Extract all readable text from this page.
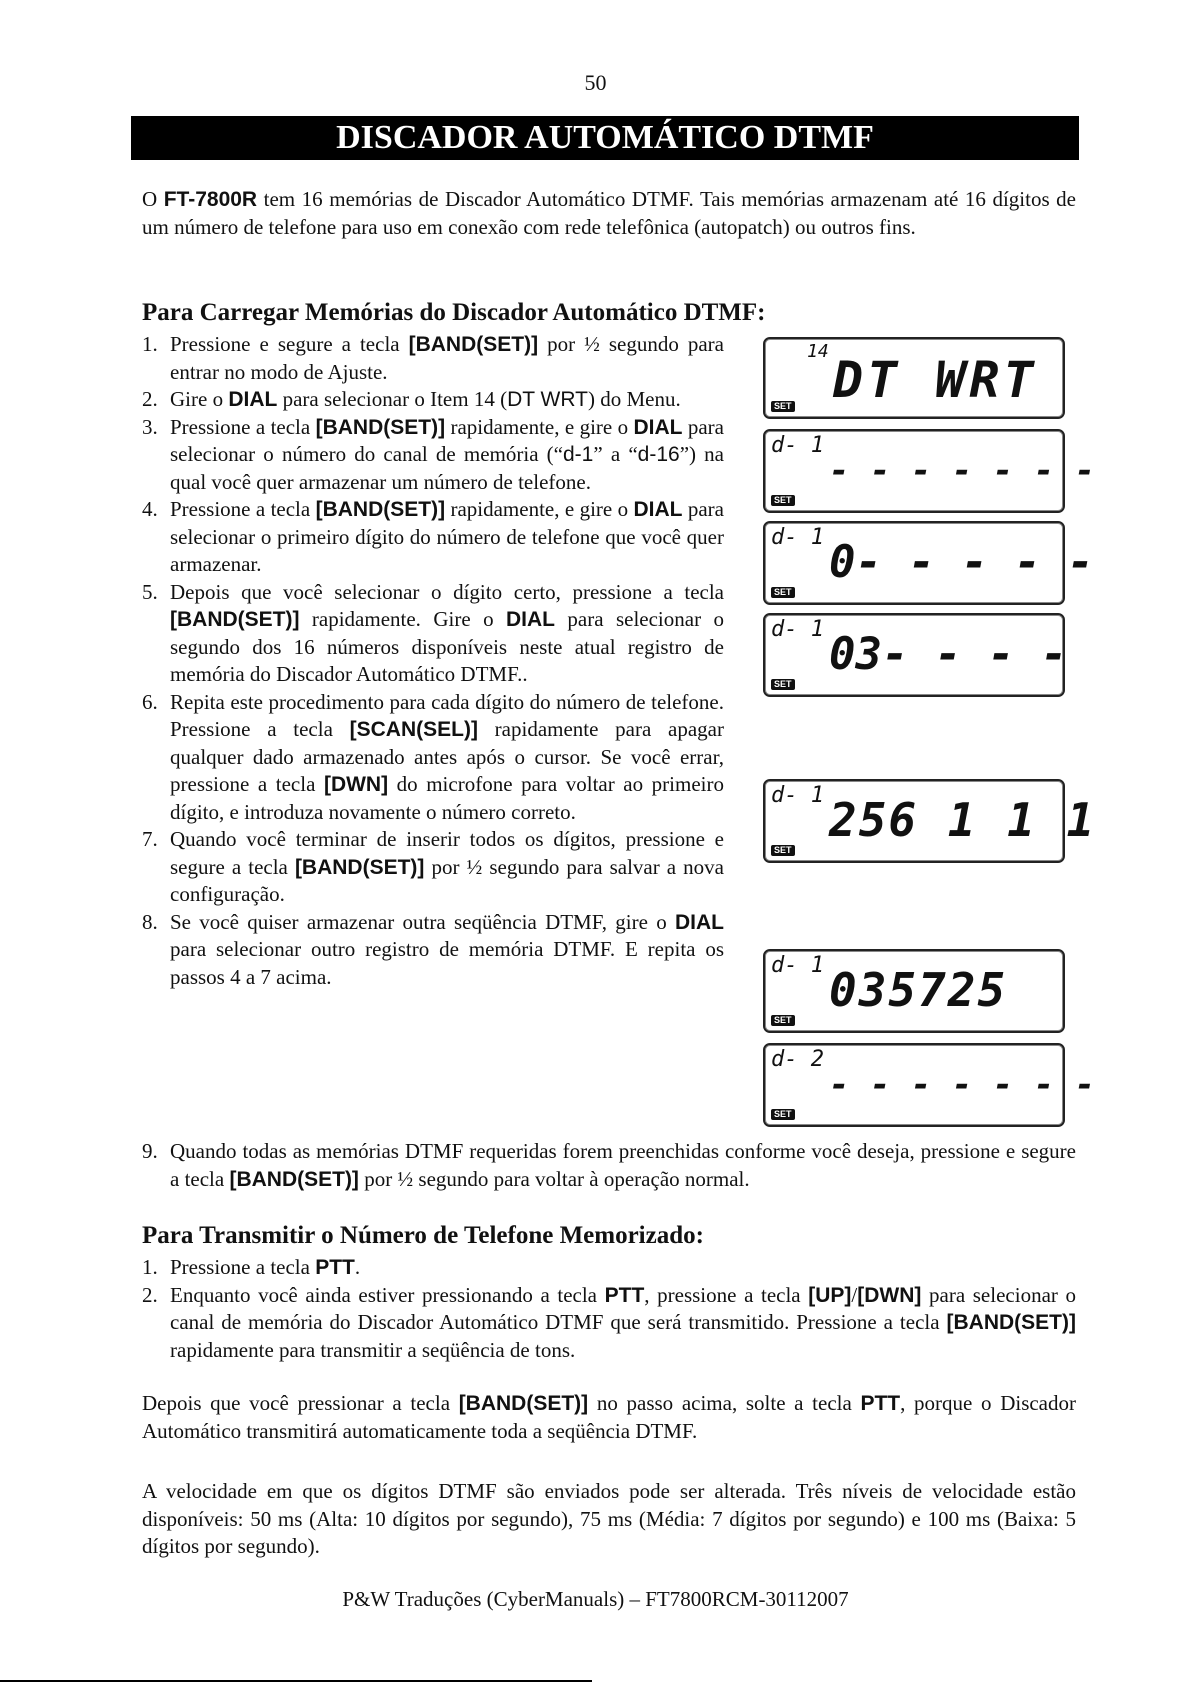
50
DISCADOR AUTOMÁTICO DTMF

O FT-7800R tem 16 memórias de Discador Automático DTMF. Tais memórias armazenam até 16 dígitos de um número de telefone para uso em conexão com rede telefônica (autopatch) ou outros fins.

Para Carregar Memórias do Discador Automático DTMF:
1. Pressione e segure a tecla [BAND(SET)] por ½ segundo para entrar no modo de Ajuste.
2. Gire o DIAL para selecionar o Item 14 (DT WRT) do Menu.
3. Pressione a tecla [BAND(SET)] rapidamente, e gire o DIAL para selecionar o número do canal de memória (“d-1” a “d-16”) na qual você quer armazenar um número de telefone.
4. Pressione a tecla [BAND(SET)] rapidamente, e gire o DIAL para selecionar o primeiro dígito do número de telefone que você quer armazenar.
5. Depois que você selecionar o dígito certo, pressione a tecla [BAND(SET)] rapidamente. Gire o DIAL para selecionar o segundo dos 16 números disponíveis neste atual registro de memória do Discador Automático DTMF..
6. Repita este procedimento para cada dígito do número de telefone. Pressione a tecla [SCAN(SEL)] rapidamente para apagar qualquer dado armazenado antes após o cursor. Se você errar, pressione a tecla [DWN] do microfone para voltar ao primeiro dígito, e introduza novamente o número correto.
7. Quando você terminar de inserir todos os dígitos, pressione e segure a tecla [BAND(SET)] por ½ segundo para salvar a nova configuração.
8. Se você quiser armazenar outra seqüência DTMF, gire o DIAL para selecionar outro registro de memória DTMF. E repita os passos 4 a 7 acima.
14 DT WRT
SET
d- 1
- - - - - - -
SET
d- 1 0- - - - -
SET
d- 1 03- - - -
SET
d- 1 256 1 1 1
SET
d- 1 035725
SET
d- 2
- - - - - - -
SET
9. Quando todas as memórias DTMF requeridas forem preenchidas conforme você deseja, pressione e segure a tecla [BAND(SET)] por ½ segundo para voltar à operação normal.
Para Transmitir o Número de Telefone Memorizado:
1. Pressione a tecla PTT.
2. Enquanto você ainda estiver pressionando a tecla PTT, pressione a tecla [UP]/[DWN] para selecionar o canal de memória do Discador Automático DTMF que será transmitido. Pressione a tecla [BAND(SET)] rapidamente para transmitir a seqüência de tons.

Depois que você pressionar a tecla [BAND(SET)] no passo acima, solte a tecla PTT, porque o Discador Automático transmitirá automaticamente toda a seqüência DTMF.

A velocidade em que os dígitos DTMF são enviados pode ser alterada. Três níveis de velocidade estão disponíveis: 50 ms (Alta: 10 dígitos por segundo), 75 ms (Média: 7 dígitos por segundo) e 100 ms (Baixa: 5 dígitos por segundo).

P&W Traduções (CyberManuals) – FT7800RCM-30112007
